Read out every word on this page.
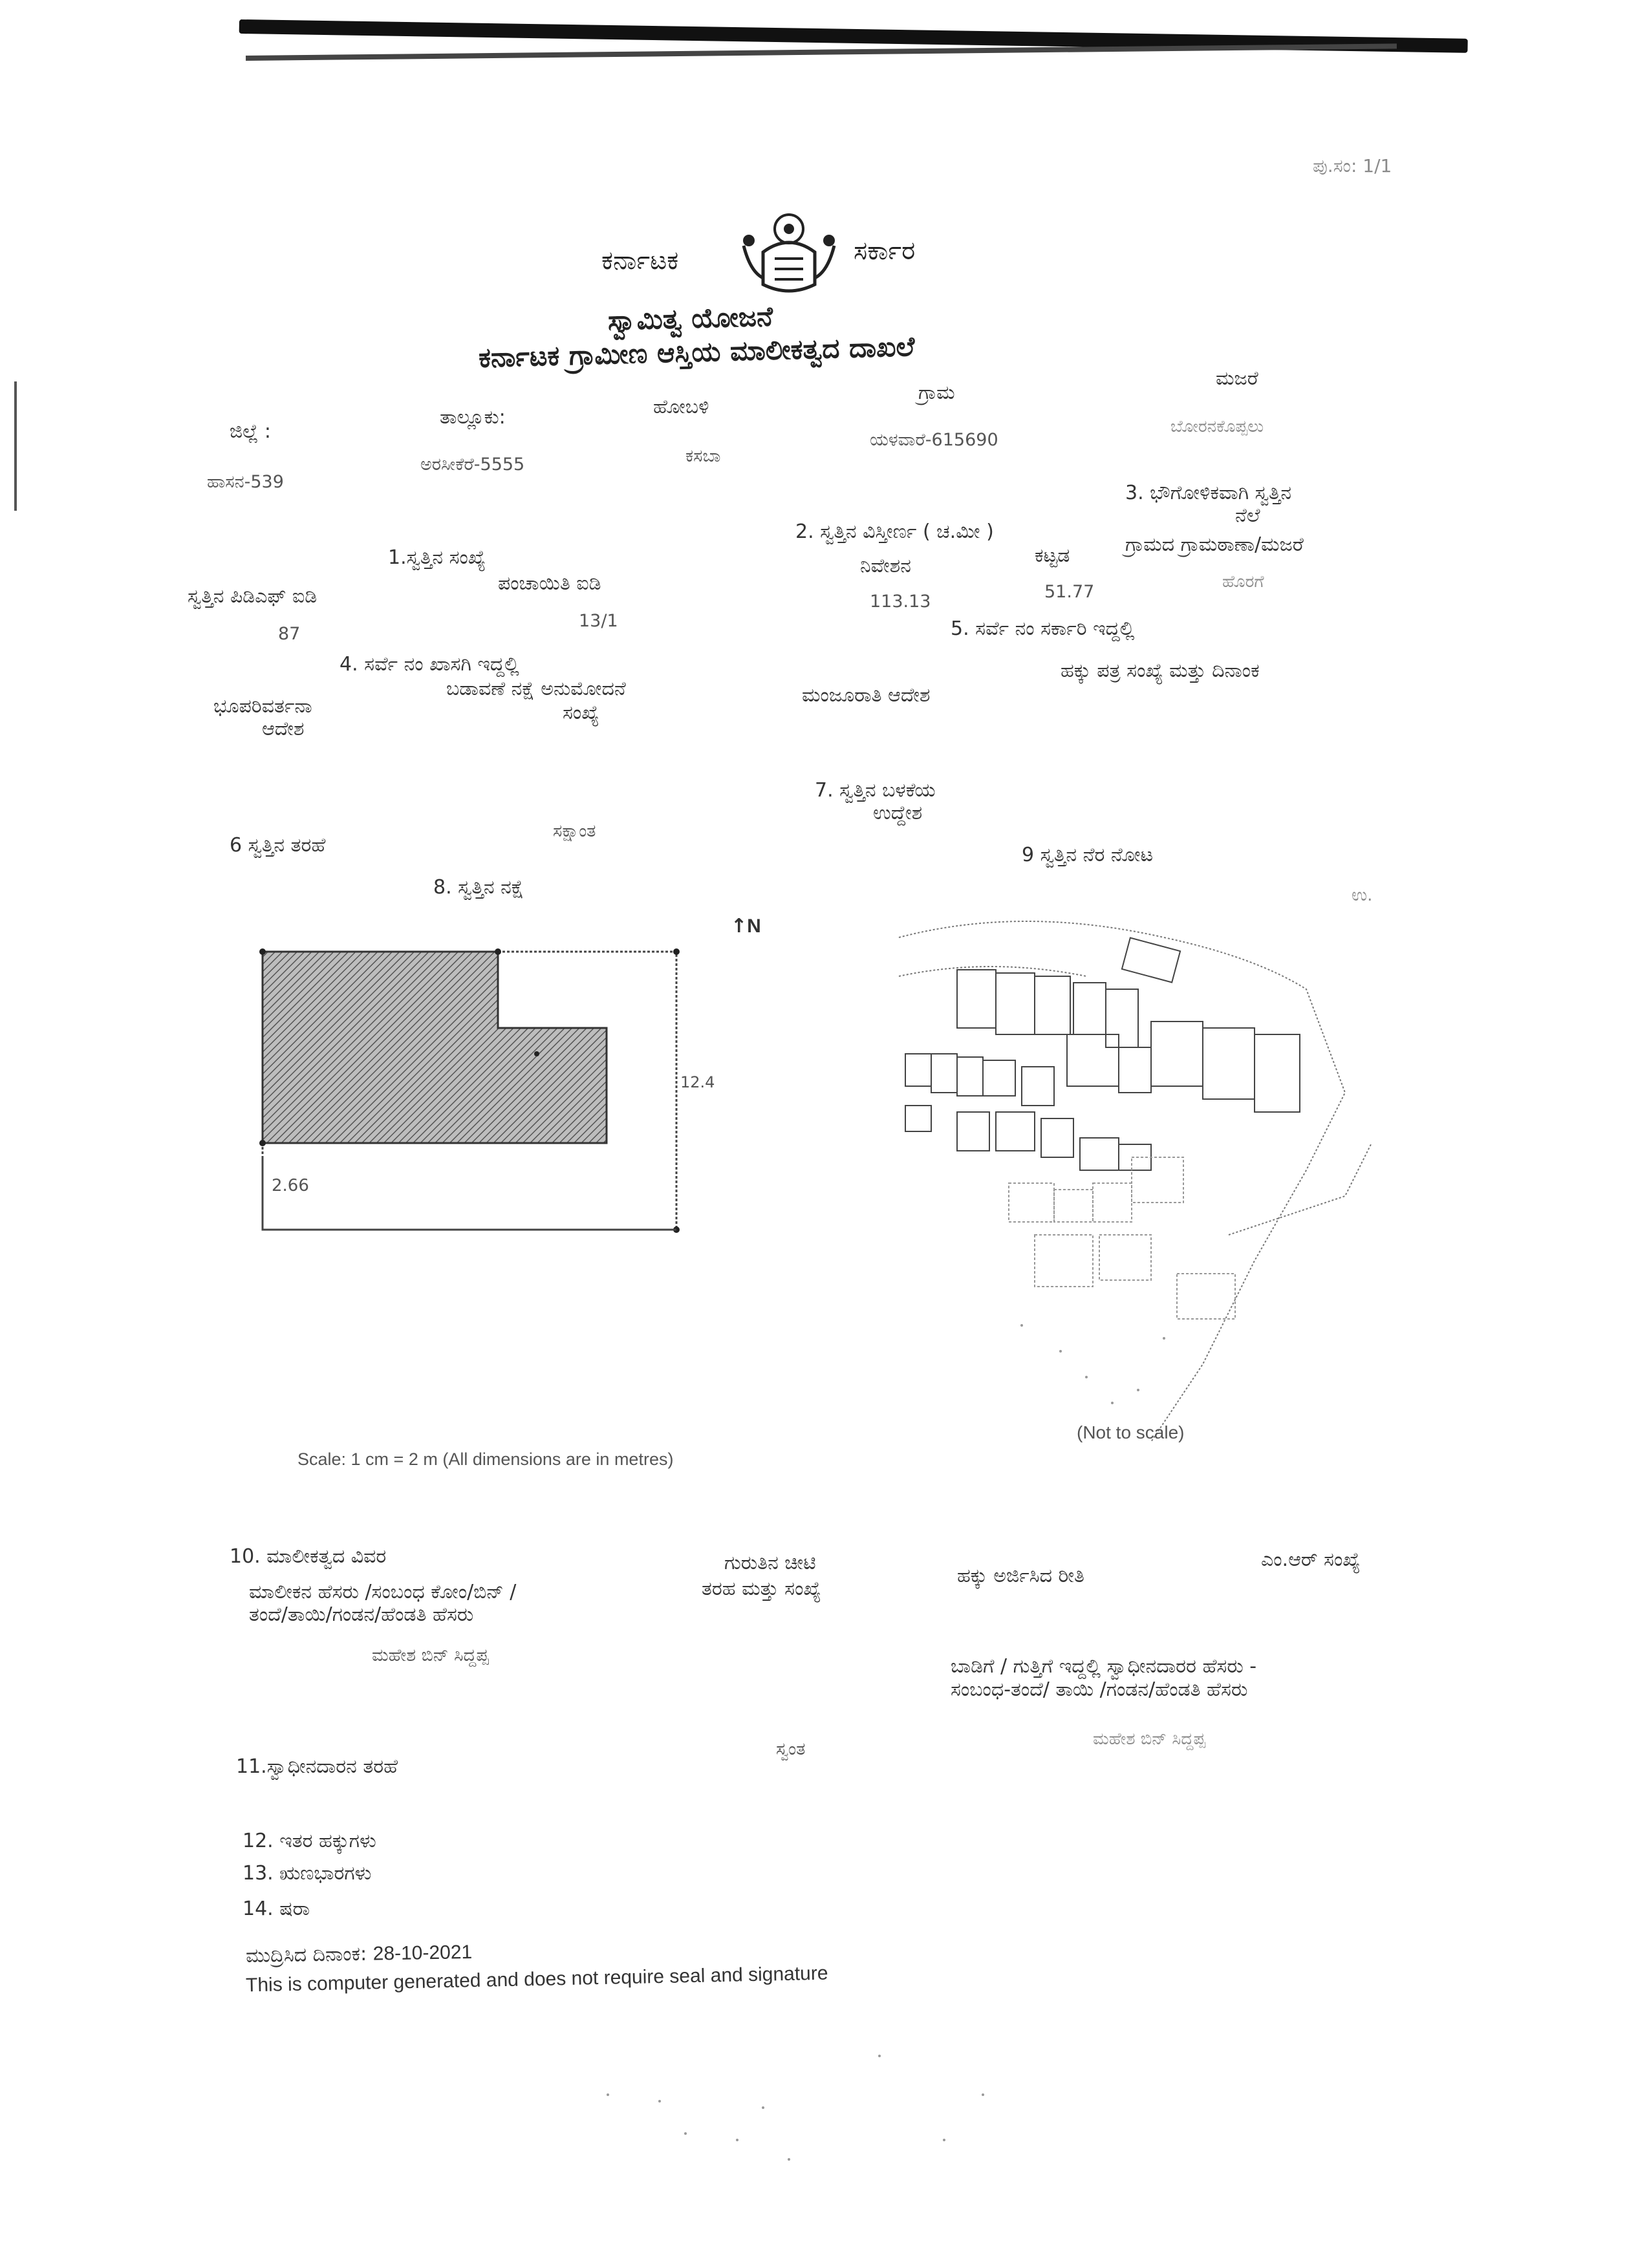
ಪು.ಸಂ: 1/1
ಕರ್ನಾಟಕ	ಸರ್ಕಾರ
ಸ್ವಾಮಿತ್ವ ಯೋಜನೆ
ಕರ್ನಾಟಕ ಗ್ರಾಮೀಣ ಆಸ್ತಿಯ ಮಾಲೀಕತ್ವದ ದಾಖಲೆ
ಜಿಲ್ಲೆ :
ಹಾಸನ-539
ತಾಲ್ಲೂಕು:
ಅರಸೀಕೆರೆ-5555
ಹೋಬಳಿ
ಕಸಬಾ
ಗ್ರಾಮ
ಯಳವಾರೆ-615690
ಮಜರೆ
ಬೋರನಕೊಪ್ಪಲು
1.ಸ್ವತ್ತಿನ ಸಂಖ್ಯೆ
ಸ್ವತ್ತಿನ ಪಿಡಿಎಫ್ ಐಡಿ
87
ಪಂಚಾಯಿತಿ ಐಡಿ
13/1
2. ಸ್ವತ್ತಿನ ವಿಸ್ತೀರ್ಣ ( ಚ.ಮೀ )
ನಿವೇಶನ
113.13
ಕಟ್ಟಡ
51.77
3. ಭೌಗೋಳಿಕವಾಗಿ ಸ್ವತ್ತಿನ
ನೆಲೆ
ಗ್ರಾಮದ ಗ್ರಾಮಠಾಣಾ/ಮಜರೆ
ಹೊರಗೆ
4. ಸರ್ವೆ ನಂ ಖಾಸಗಿ ಇದ್ದಲ್ಲಿ
ಭೂಪರಿವರ್ತನಾ
ಆದೇಶ
ಬಡಾವಣೆ ನಕ್ಷೆ ಅನುಮೋದನೆ
ಸಂಖ್ಯೆ
ಮಂಜೂರಾತಿ ಆದೇಶ
5. ಸರ್ವೆ ನಂ ಸರ್ಕಾರಿ ಇದ್ದಲ್ಲಿ
ಹಕ್ಕು ಪತ್ರ ಸಂಖ್ಯೆ ಮತ್ತು ದಿನಾಂಕ
6 ಸ್ವತ್ತಿನ ತರಹೆ
ಸಕ್ಷಾಂತ
7. ಸ್ವತ್ತಿನ ಬಳಕೆಯ
ಉದ್ದೇಶ
8. ಸ್ವತ್ತಿನ ನಕ್ಷೆ
↑N
2.66
12.4
Scale: 1 cm = 2 m (All dimensions are in metres)
9 ಸ್ವತ್ತಿನ ನೆರ ನೋಟ
ಉ.
(Not to scale)
10. ಮಾಲೀಕತ್ವದ ವಿವರ
ಮಾಲೀಕನ ಹೆಸರು /ಸಂಬಂಧ ಕೋಂ/ಬಿನ್ /
ತಂದೆ/ತಾಯಿ/ಗಂಡನ/ಹೆಂಡತಿ ಹೆಸರು
ಗುರುತಿನ ಚೀಟಿ
ತರಹ ಮತ್ತು ಸಂಖ್ಯೆ
ಹಕ್ಕು ಅರ್ಜಿಸಿದ ರೀತಿ
ಎಂ.ಆರ್ ಸಂಖ್ಯೆ
ಮಹೇಶ ಬಿನ್ ಸಿದ್ದಪ್ಪ	ಬಾಡಿಗೆ / ಗುತ್ತಿಗೆ ಇದ್ದಲ್ಲಿ ಸ್ವಾಧೀನದಾರರ ಹೆಸರು -
ಸಂಬಂಧ-ತಂದೆ/ ತಾಯಿ /ಗಂಡನ/ಹೆಂಡತಿ ಹೆಸರು
ಮಹೇಶ ಬಿನ್ ಸಿದ್ದಪ್ಪ
11.ಸ್ವಾಧೀನದಾರನ ತರಹೆ
ಸ್ವಂತ
12. ಇತರ ಹಕ್ಕುಗಳು
13. ಋಣಭಾರಗಳು
14. ಷರಾ
ಮುದ್ರಿಸಿದ ದಿನಾಂಕ: 28-10-2021
This is computer generated and does not require seal and signature
